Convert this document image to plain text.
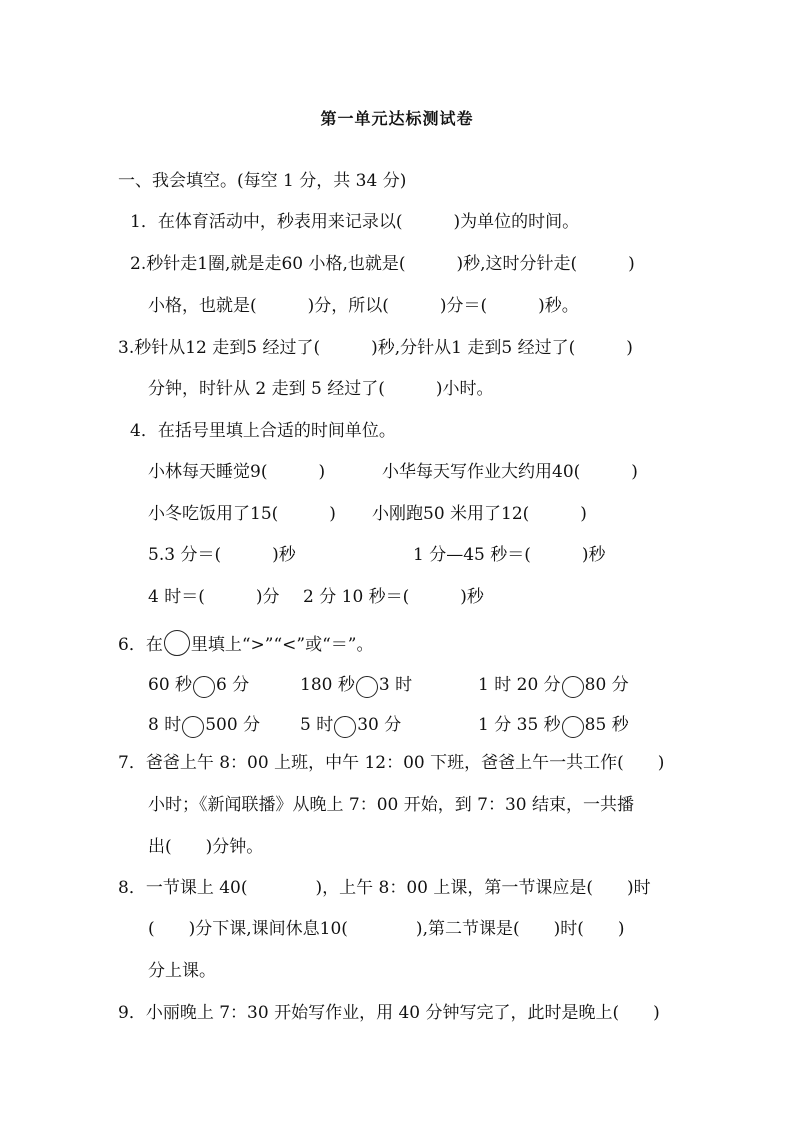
第一单元达标测试卷
一、我会填空。(每空 1 分，共 34 分)
1．在体育活动中，秒表用来记录以(　　　)为单位的时间。
2.秒针走1圈,就是走60 小格,也就是(　　　)秒,这时分针走(　　　)
小格，也就是(　　　)分，所以(　　　)分＝(　　　)秒。
3.秒针从12 走到5 经过了(　　　)秒,分针从1 走到5 经过了(　　　)
分钟，时针从 2 走到 5 经过了(　　　)小时。
4．在括号里填上合适的时间单位。
小林每天睡觉9(　　　)	小华每天写作业大约用40(　　　)
小冬吃饭用了15(　　　) 小刚跑50 米用了12(　　　)
5.3 分＝(　　　)秒	1 分—45 秒＝(　　　)秒
4 时＝(　　　)分 2 分 10 秒＝(　　　)秒
6．在 里填上“>”“<”或“＝”。
60 秒 6 分	180 秒 3 时	1 时 20 分 80 分
8 时 500 分 5 时 30 分	1 分 35 秒 85 秒
7．爸爸上午 8：00 上班，中午 12：00 下班，爸爸上午一共工作(　　)
小时；《新闻联播》从晚上 7：00 开始，到 7：30 结束，一共播
出(　　)分钟。
8．一节课上 40(　　　　)，上午 8：00 上课，第一节课应是(　　)时
(　　)分下课,课间休息10(　　　　),第二节课是(　　)时(　　)
分上课。
9．小丽晚上 7：30 开始写作业，用 40 分钟写完了，此时是晚上(　　)
